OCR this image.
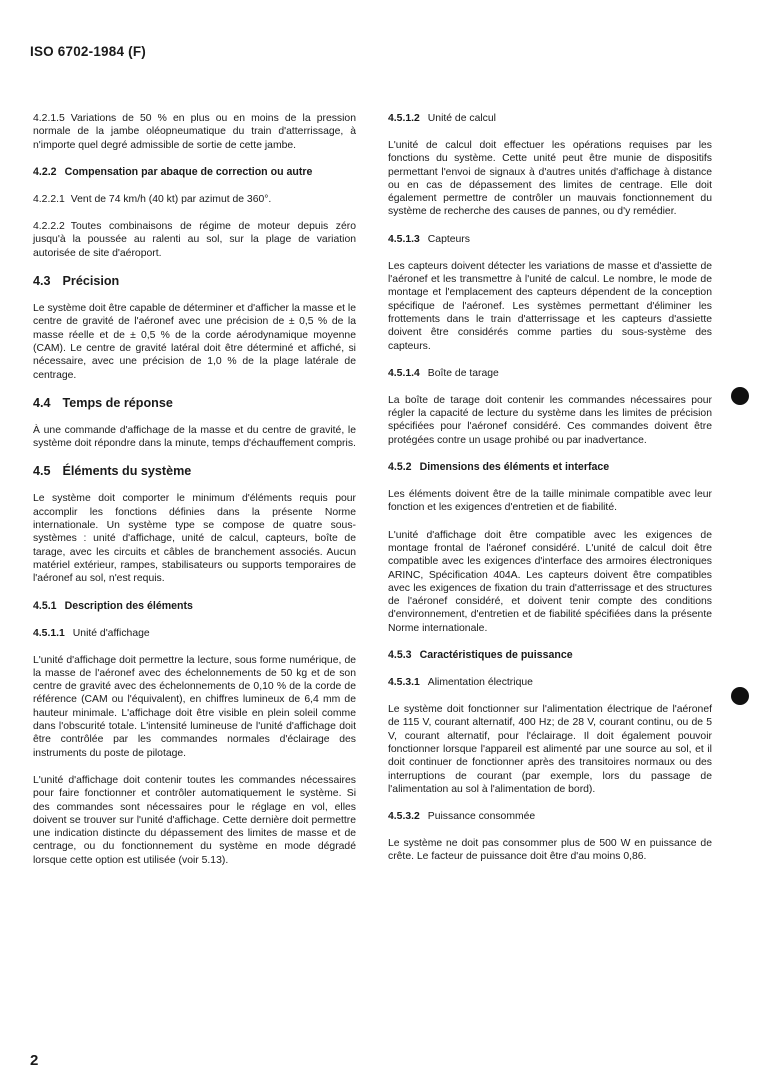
ISO 6702-1984 (F)

4.2.1.5 Variations de 50 % en plus ou en moins de la pression normale de la jambe oléopneumatique du train d'atterrissage, à n'importe quel degré admissible de sortie de cette jambe.

4.2.2 Compensation par abaque de correction ou autre

4.2.2.1 Vent de 74 km/h (40 kt) par azimut de 360°.

4.2.2.2 Toutes combinaisons de régime de moteur depuis zéro jusqu'à la poussée au ralenti au sol, sur la plage de variation autorisée de site d'aéroport.

4.3 Précision

Le système doit être capable de déterminer et d'afficher la masse et le centre de gravité de l'aéronef avec une précision de ± 0,5 % de la masse réelle et de ± 0,5 % de la corde aérodynamique moyenne (CAM). Le centre de gravité latéral doit être déterminé et affiché, si nécessaire, avec une précision de 1,0 % de la plage latérale de centrage.

4.4 Temps de réponse

À une commande d'affichage de la masse et du centre de gravité, le système doit répondre dans la minute, temps d'échauffement compris.

4.5 Éléments du système

Le système doit comporter le minimum d'éléments requis pour accomplir les fonctions définies dans la présente Norme internationale. Un système type se compose de quatre sous-systèmes : unité d'affichage, unité de calcul, capteurs, boîte de tarage, avec les circuits et câbles de branchement associés. Aucun matériel extérieur, rampes, stabilisateurs ou supports temporaires de l'aéronef au sol, n'est requis.

4.5.1 Description des éléments
4.5.1.1 Unité d'affichage

L'unité d'affichage doit permettre la lecture, sous forme numérique, de la masse de l'aéronef avec des échelonnements de 50 kg et de son centre de gravité avec des échelonnements de 0,10 % de la corde de référence (CAM ou l'équivalent), en chiffres lumineux de 6,4 mm de hauteur minimale. L'affichage doit être visible en plein soleil comme dans l'obscurité totale. L'intensité lumineuse de l'unité d'affichage doit être contrôlée par les commandes normales d'éclairage des instruments du poste de pilotage.

L'unité d'affichage doit contenir toutes les commandes nécessaires pour faire fonctionner et contrôler automatiquement le système. Si des commandes sont nécessaires pour le réglage en vol, elles doivent se trouver sur l'unité d'affichage. Cette dernière doit permettre une indication distincte du dépassement des limites de masse et de centrage, ou du fonctionnement du système en mode dégradé lorsque cette option est utilisée (voir 5.13).

4.5.1.2 Unité de calcul

L'unité de calcul doit effectuer les opérations requises par les fonctions du système. Cette unité peut être munie de dispositifs permettant l'envoi de signaux à d'autres unités d'affichage à distance ou en cas de dépassement des limites de centrage. Elle doit également permettre de contrôler un mauvais fonctionnement du système de recherche des causes de pannes, ou d'y remédier.

4.5.1.3 Capteurs

Les capteurs doivent détecter les variations de masse et d'assiette de l'aéronef et les transmettre à l'unité de calcul. Le nombre, le mode de montage et l'emplacement des capteurs dépendent de la conception spécifique de l'aéronef. Les systèmes permettant d'éliminer les frottements dans le train d'atterrissage et les capteurs d'assiette doivent être considérés comme parties du sous-système des capteurs.

4.5.1.4 Boîte de tarage

La boîte de tarage doit contenir les commandes nécessaires pour régler la capacité de lecture du système dans les limites de précision spécifiées pour l'aéronef considéré. Ces commandes doivent être protégées contre un usage prohibé ou par inadvertance.

4.5.2 Dimensions des éléments et interface

Les éléments doivent être de la taille minimale compatible avec leur fonction et les exigences d'entretien et de fiabilité.

L'unité d'affichage doit être compatible avec les exigences de montage frontal de l'aéronef considéré. L'unité de calcul doit être compatible avec les exigences d'interface des armoires électroniques ARINC, Spécification 404A. Les capteurs doivent être compatibles avec les exigences de fixation du train d'atterrissage et des structures de l'aéronef considéré, et doivent tenir compte des conditions d'environnement, d'entretien et de fiabilité spécifiées dans la présente Norme internationale.

4.5.3 Caractéristiques de puissance
4.5.3.1 Alimentation électrique

Le système doit fonctionner sur l'alimentation électrique de l'aéronef de 115 V, courant alternatif, 400 Hz; de 28 V, courant continu, ou de 5 V, courant alternatif, pour l'éclairage. Il doit également pouvoir fonctionner lorsque l'appareil est alimenté par une source au sol, et il doit continuer de fonctionner après des transitoires normaux ou des interruptions de courant (par exemple, lors du passage de l'alimentation au sol à l'alimentation de bord).

4.5.3.2 Puissance consommée

Le système ne doit pas consommer plus de 500 W en puissance de crête. Le facteur de puissance doit être d'au moins 0,86.

2
